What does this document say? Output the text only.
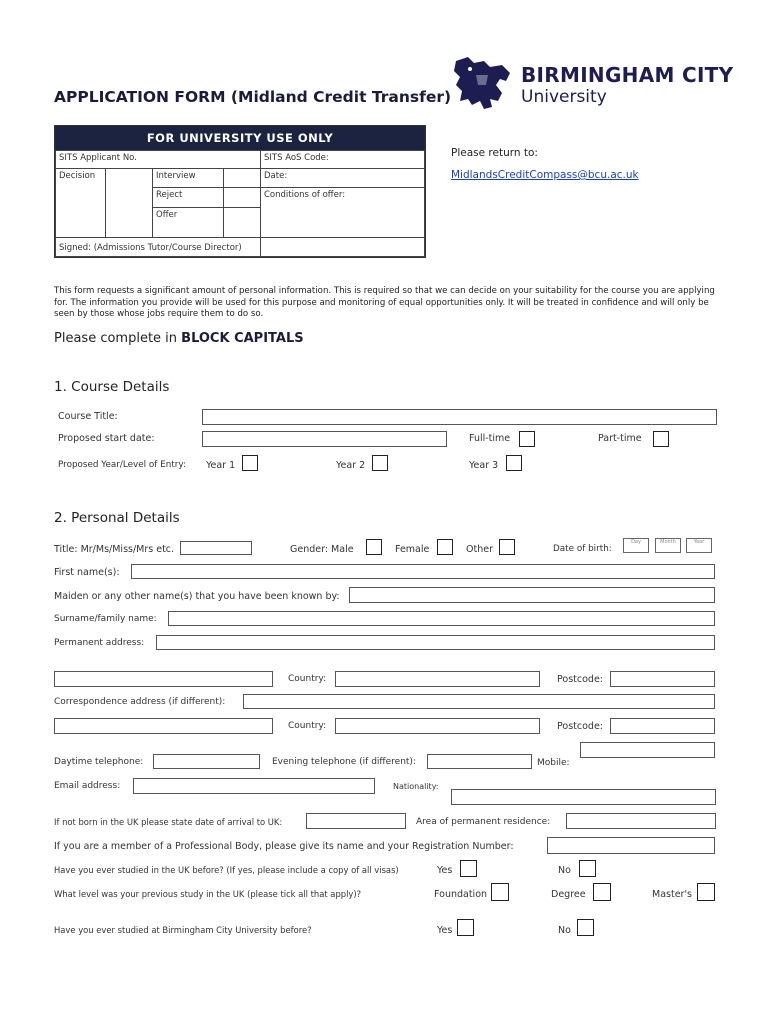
APPLICATION FORM (Midland Credit Transfer)
BIRMINGHAM CITY
University
FOR UNIVERSITY USE ONLY
SITS Applicant No.	SITS AoS Code:
Decision	Interview	Date:
Reject	Conditions of offer:
Offer
Signed: (Admissions Tutor/Course Director)
Please return to:
MidlandsCreditCompass@bcu.ac.uk
This form requests a significant amount of personal information. This is required so that we can decide on your suitability for the course you are applying for. The information you provide will be used for this purpose and monitoring of equal opportunities only. It will be treated in confidence and will only be seen by those whose jobs require them to do so.
Please complete in BLOCK CAPITALS
1. Course Details
Course Title:
Proposed start date:	Full-time	Part-time
Proposed Year/Level of Entry: Year 1	Year 2	Year 3
2. Personal Details
Title: Mr/Ms/Miss/Mrs etc.	Gender: Male	Female	Other	Date of birth:
Day	Month	Year
First name(s):
Maiden or any other name(s) that you have been known by:
Surname/family name:
Permanent address:
Country:	Postcode:
Correspondence address (if different):
Country:	Postcode:
Daytime telephone:	Evening telephone (if different):	Mobile:
Email address:	Nationality:
If not born in the UK please state date of arrival to UK:	Area of permanent residence:
If you are a member of a Professional Body, please give its name and your Registration Number:
Have you ever studied in the UK before? (If yes, please include a copy of all visas)	Yes	No
What level was your previous study in the UK (please tick all that apply)?	Foundation	Degree	Master's
Have you ever studied at Birmingham City University before?	Yes	No
